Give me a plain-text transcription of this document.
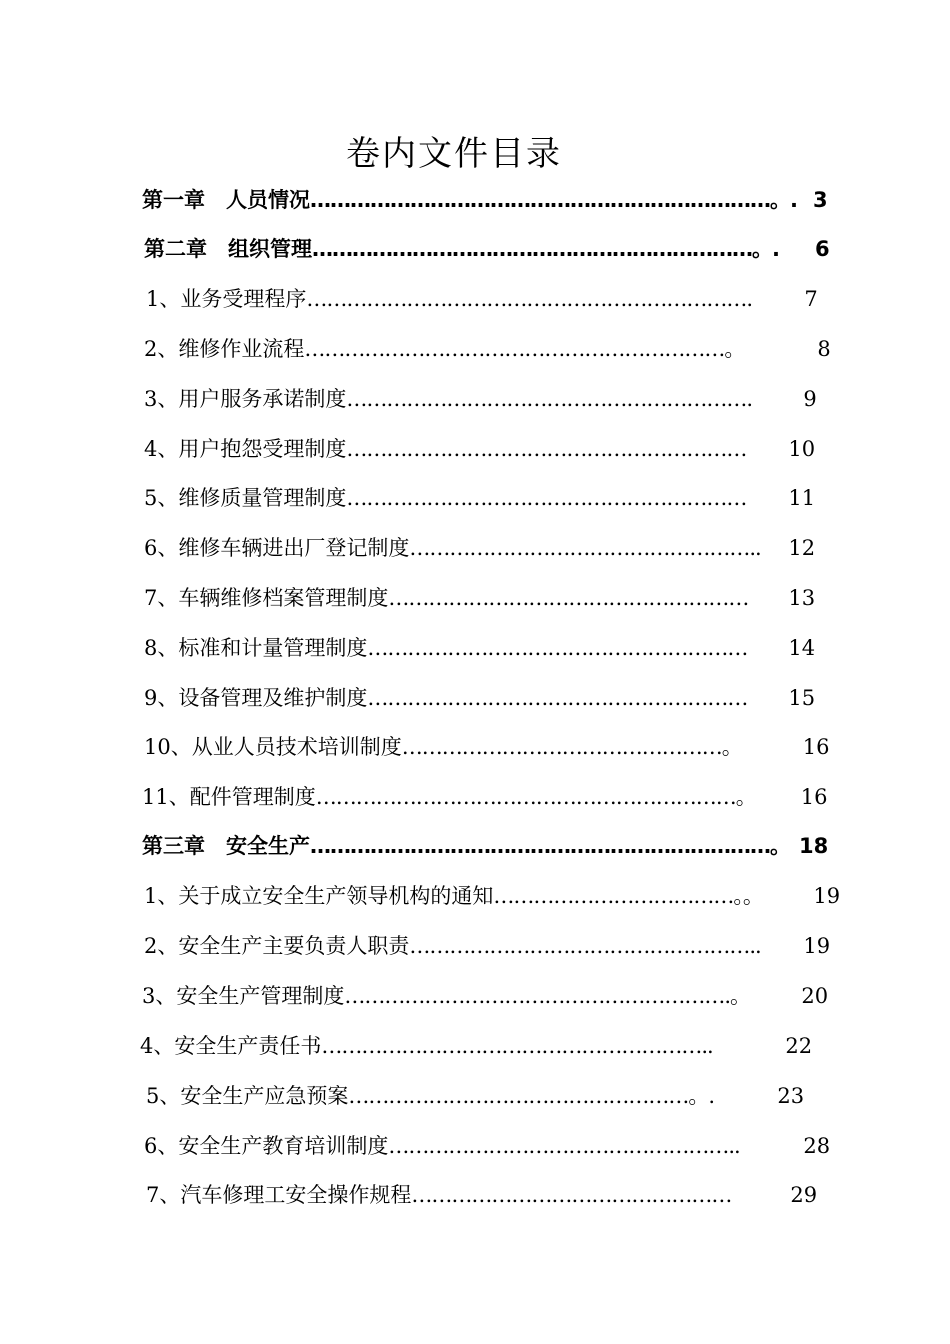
卷内文件目录
第一章　人员情况……………………………………………………………。. 3
第二章　组织管理…………………………………………………………。. 6
1、业务受理程序…………………………………………………………. 7
2、维修作业流程………………………………………………………。	8
3、用户服务承诺制度……………………………………………………. 9
4、用户抱怨受理制度…………………………………………………… 10
5、维修质量管理制度…………………………………………………… 11
6、维修车辆进出厂登记制度…………………………………………….. 12
7、车辆维修档案管理制度……………………………………………… 13
8、标准和计量管理制度………………………………………………… 14
9、设备管理及维护制度………………………………………………… 15
10、从业人员技术培训制度…………………………………………。	16
11、配件管理制度………………………………………………………。 16
第三章　安全生产……………………………………………………………。 18
1、关于成立安全生产领导机构的通知………………………………。。 19
2、安全生产主要负责人职责…………………………………………….. 19
3、安全生产管理制度………………………………………………….。 20
4、安全生产责任书…………………………………………………..	22
5、安全生产应急预案……………………………………………。.	23
6、安全生产教育培训制度……………………………………………..	28
7、汽车修理工安全操作规程…………………………………………	29
